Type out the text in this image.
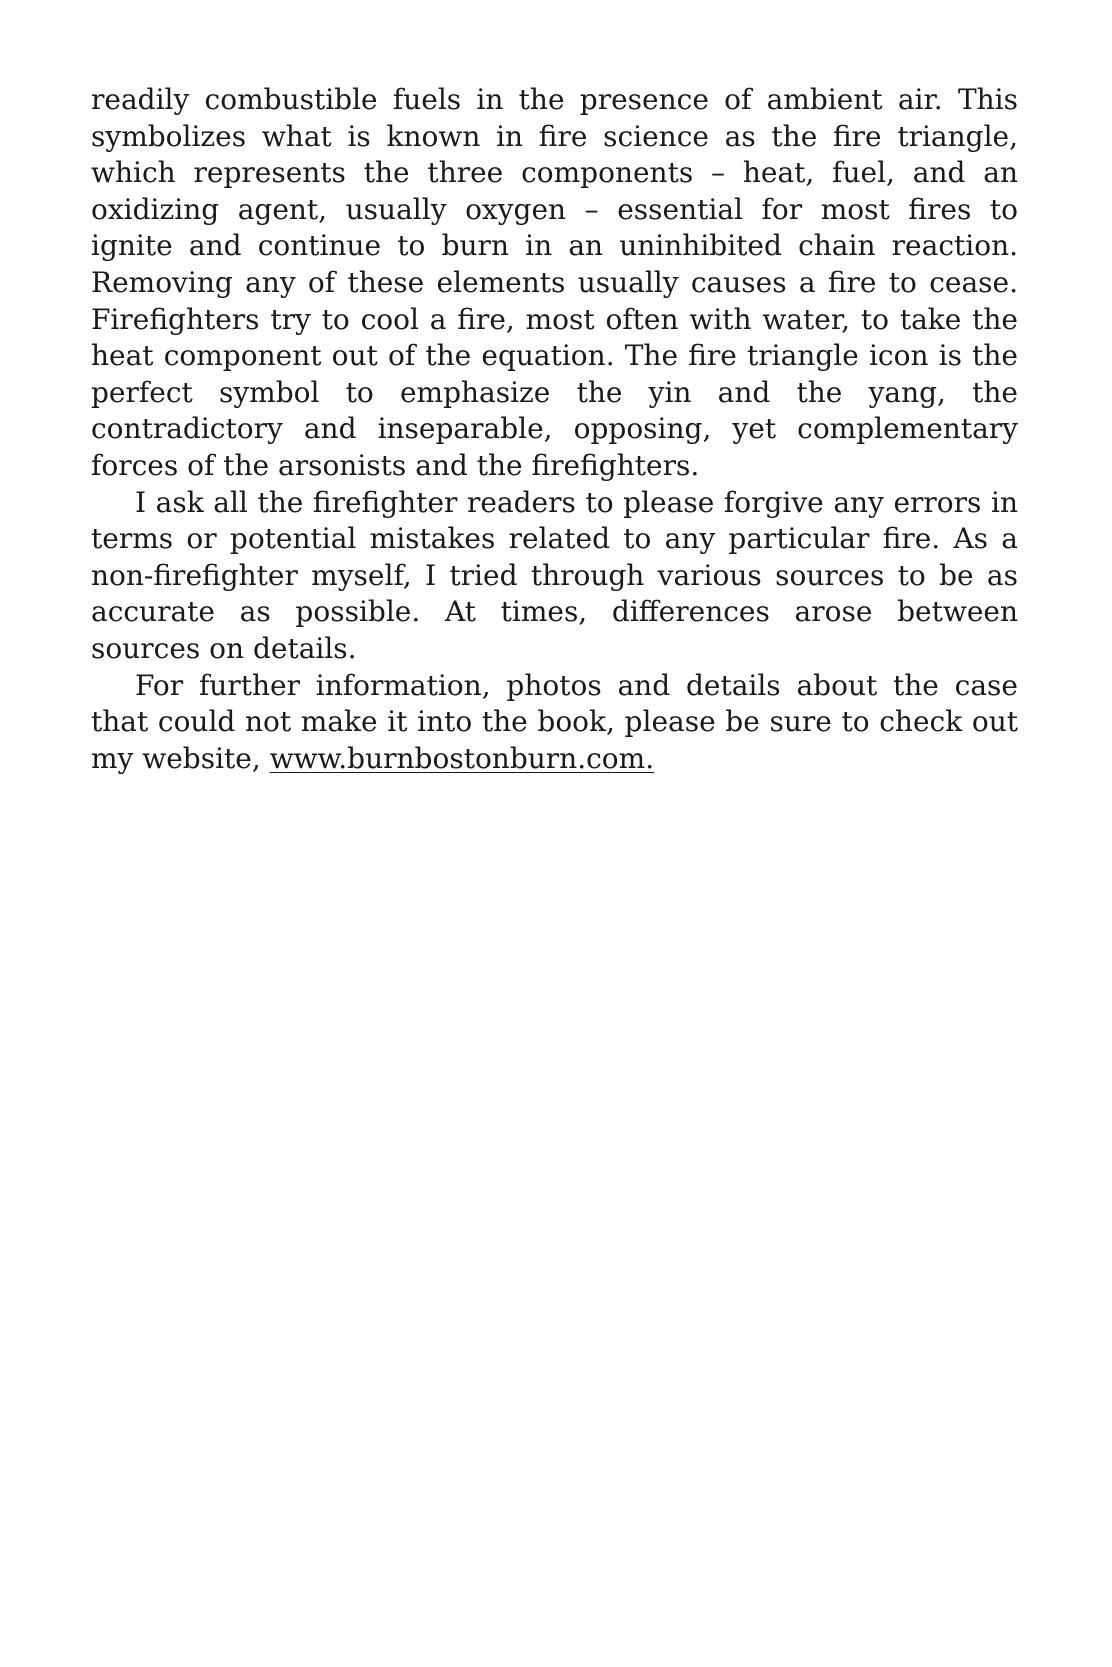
readily combustible fuels in the presence of ambient air. This symbolizes what is known in fire science as the fire triangle, which represents the three components – heat, fuel, and an oxidizing agent, usually oxygen – essential for most fires to ignite and continue to burn in an uninhibited chain reaction. Removing any of these elements usually causes a fire to cease. Firefighters try to cool a fire, most often with water, to take the heat component out of the equation. The fire triangle icon is the perfect symbol to emphasize the yin and the yang, the contradictory and inseparable, opposing, yet complementary forces of the arsonists and the firefighters.

I ask all the firefighter readers to please forgive any errors in terms or potential mistakes related to any particular fire. As a non-firefighter myself, I tried through various sources to be as accurate as possible. At times, differences arose between sources on details.

For further information, photos and details about the case that could not make it into the book, please be sure to check out my website, www.burnbostonburn.com.
